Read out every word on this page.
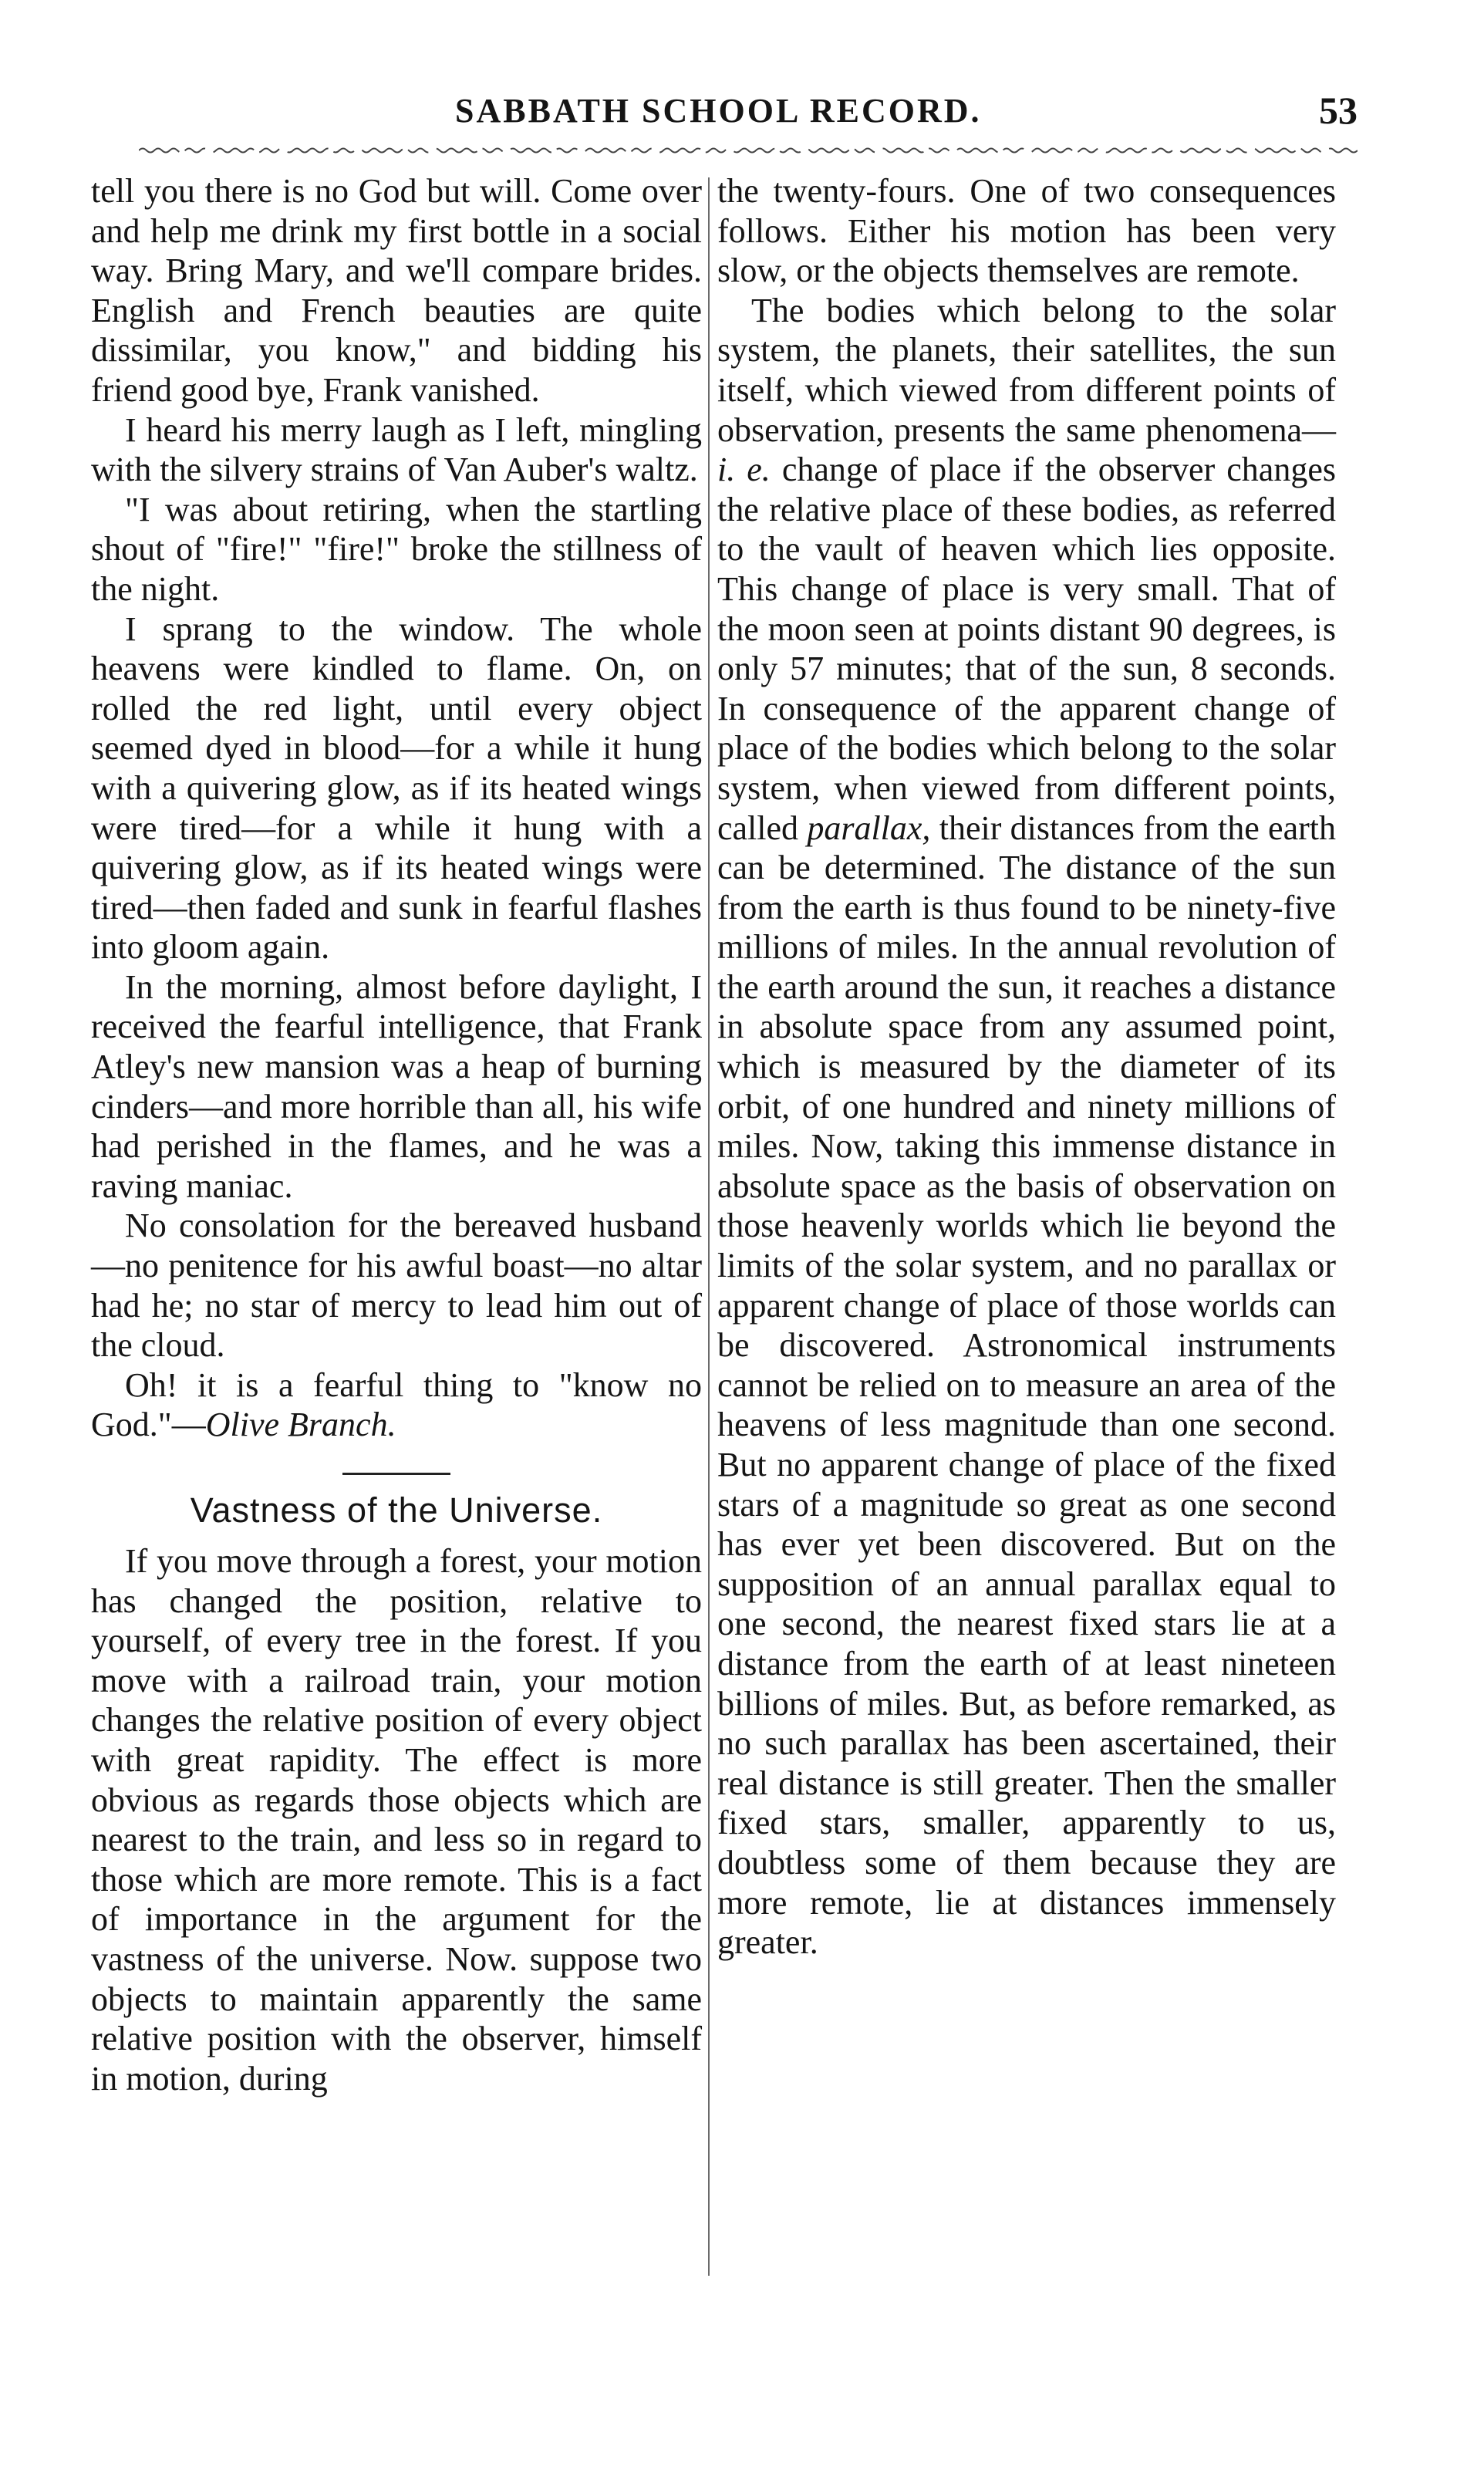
SABBATH SCHOOL RECORD.	53

tell you there is no God but will. Come over and help me drink my first bottle in a social way. Bring Mary, and we'll compare brides. English and French beauties are quite dissimilar, you know," and bidding his friend good bye, Frank vanished.

I heard his merry laugh as I left, mingling with the silvery strains of Van Auber's waltz.

"I was about retiring, when the startling shout of "fire!" "fire!" broke the stillness of the night.

I sprang to the window. The whole heavens were kindled to flame. On, on rolled the red light, until every object seemed dyed in blood—for a while it hung with a quivering glow, as if its heated wings were tired—for a while it hung with a quivering glow, as if its heated wings were tired—then faded and sunk in fearful flashes into gloom again.

In the morning, almost before daylight, I received the fearful intelligence, that Frank Atley's new mansion was a heap of burning cinders—and more horrible than all, his wife had perished in the flames, and he was a raving maniac.

No consolation for the bereaved husband—no penitence for his awful boast—no altar had he; no star of mercy to lead him out of the cloud.

Oh! it is a fearful thing to "know no God."—Olive Branch.

Vastness of the Universe.

If you move through a forest, your motion has changed the position, relative to yourself, of every tree in the forest. If you move with a railroad train, your motion changes the relative position of every object with great rapidity. The effect is more obvious as regards those objects which are nearest to the train, and less so in regard to those which are more remote. This is a fact of importance in the argument for the vastness of the universe. Now. suppose two objects to maintain apparently the same relative position with the observer, himself in motion, during

the twenty-fours. One of two consequences follows. Either his motion has been very slow, or the objects themselves are remote.

The bodies which belong to the solar system, the planets, their satellites, the sun itself, which viewed from different points of observation, presents the same phenomena—i. e. change of place if the observer changes the relative place of these bodies, as referred to the vault of heaven which lies opposite. This change of place is very small. That of the moon seen at points distant 90 degrees, is only 57 minutes; that of the sun, 8 seconds. In consequence of the apparent change of place of the bodies which belong to the solar system, when viewed from different points, called parallax, their distances from the earth can be determined. The distance of the sun from the earth is thus found to be ninety-five millions of miles. In the annual revolution of the earth around the sun, it reaches a distance in absolute space from any assumed point, which is measured by the diameter of its orbit, of one hundred and ninety millions of miles. Now, taking this immense distance in absolute space as the basis of observation on those heavenly worlds which lie beyond the limits of the solar system, and no parallax or apparent change of place of those worlds can be discovered. Astronomical instruments cannot be relied on to measure an area of the heavens of less magnitude than one second. But no apparent change of place of the fixed stars of a magnitude so great as one second has ever yet been discovered. But on the supposition of an annual parallax equal to one second, the nearest fixed stars lie at a distance from the earth of at least nineteen billions of miles. But, as before remarked, as no such parallax has been ascertained, their real distance is still greater. Then the smaller fixed stars, smaller, apparently to us, doubtless some of them because they are more remote, lie at distances immensely greater.
